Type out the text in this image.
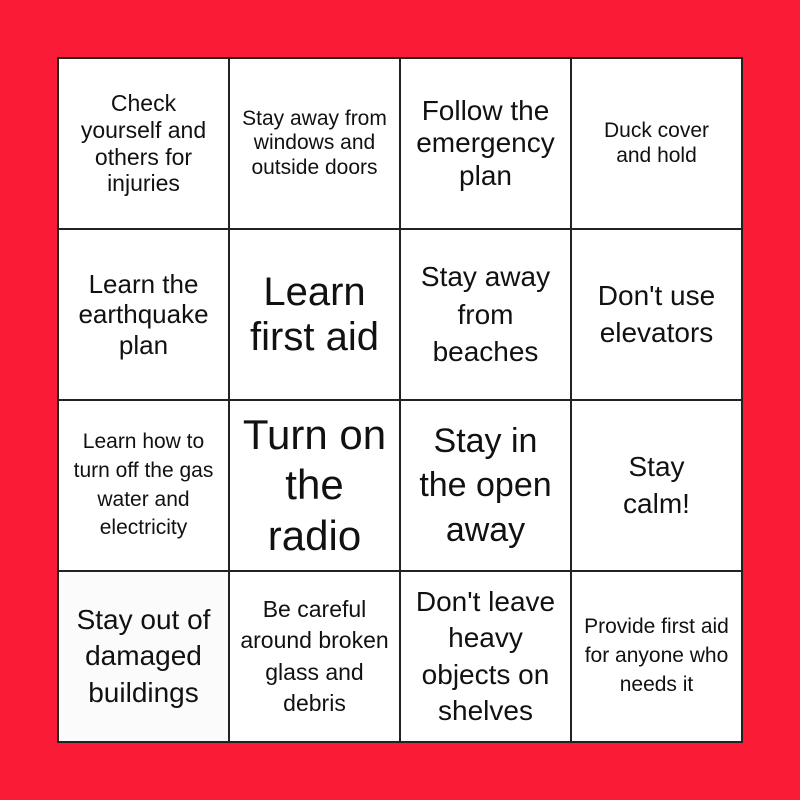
Check yourself and others for injuries
Stay away from windows and outside doors
Follow the emergency plan
Duck cover and hold
Learn the earthquake plan
Learn first aid
Stay away from beaches
Don't use elevators
Learn how to turn off the gas water and electricity
Turn on the radio
Stay in the open away
Stay calm!
Stay out of damaged buildings
Be careful around broken glass and debris
Don't leave heavy objects on shelves
Provide first aid for anyone who needs it
